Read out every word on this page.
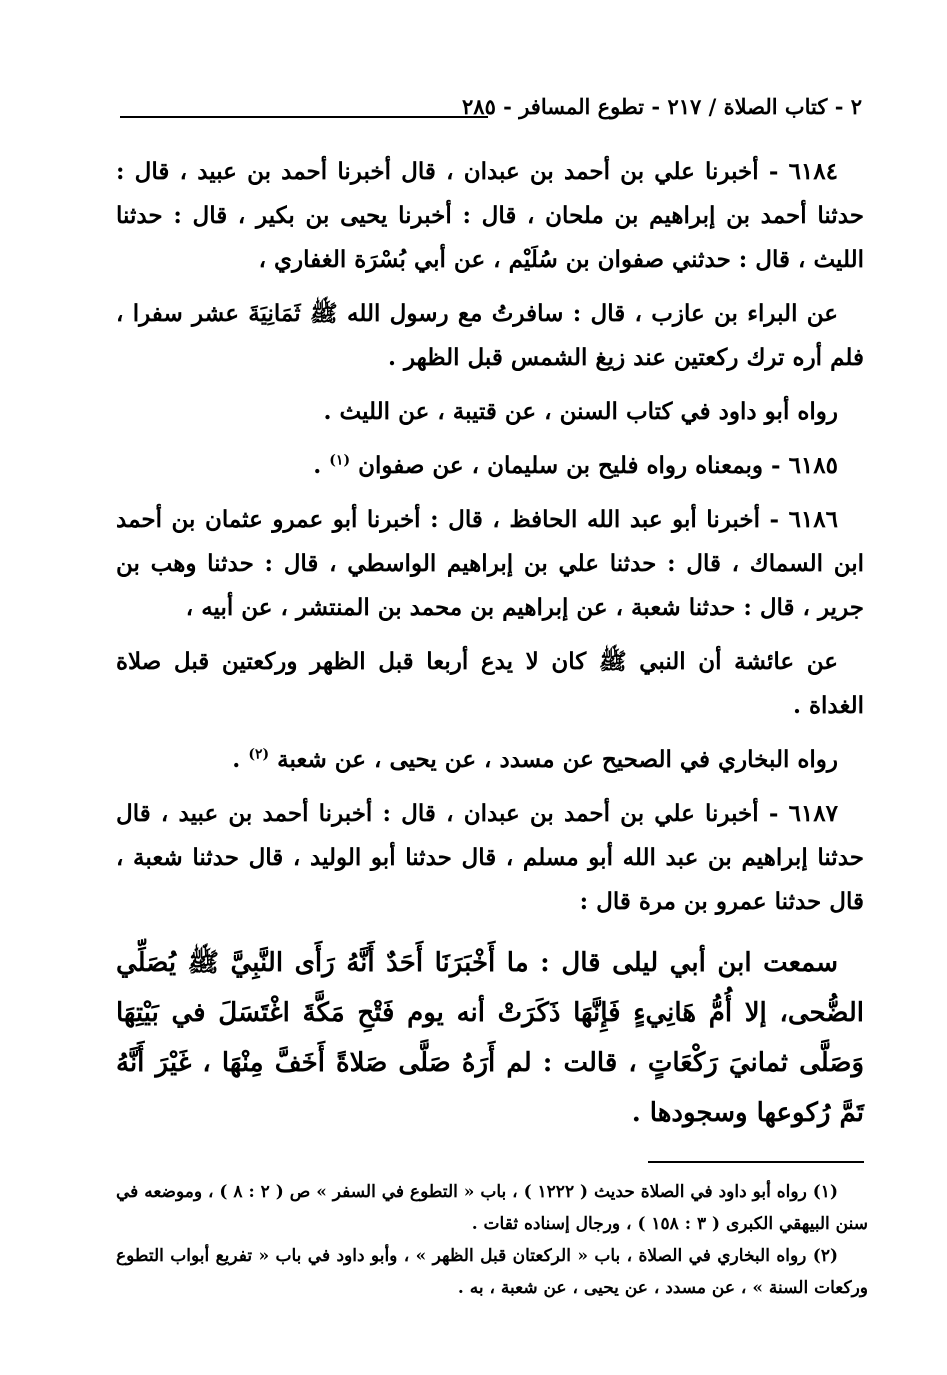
٢ - كتاب الصلاة / ٢١٧ - تطوع المسافر - ٢٨٥

٦١٨٤ - أخبرنا علي بن أحمد بن عبدان ، قال أخبرنا أحمد بن عبيد ، قال : حدثنا أحمد بن إبراهيم بن ملحان ، قال : أخبرنا يحيى بن بكير ، قال : حدثنا الليث ، قال : حدثني صفوان بن سُلَيْم ، عن أبي بُسْرَة الغفاري ،

عن البراء بن عازب ، قال : سافرتُ مع رسول الله ﷺ ثَمَانِيَةَ عشر سفرا ، فلم أره ترك ركعتين عند زيغ الشمس قبل الظهر .

رواه أبو داود في كتاب السنن ، عن قتيبة ، عن الليث .

٦١٨٥ - وبمعناه رواه فليح بن سليمان ، عن صفوان $^{(١)}$ .

٦١٨٦ - أخبرنا أبو عبد الله الحافظ ، قال : أخبرنا أبو عمرو عثمان بن أحمد ابن السماك ، قال : حدثنا علي بن إبراهيم الواسطي ، قال : حدثنا وهب بن جرير ، قال : حدثنا شعبة ، عن إبراهيم بن محمد بن المنتشر ، عن أبيه ،

عن عائشة أن النبي ﷺ كان لا يدع أربعا قبل الظهر وركعتين قبل صلاة الغداة .

رواه البخاري في الصحيح عن مسدد ، عن يحيى ، عن شعبة $^{(٢)}$ .

٦١٨٧ - أخبرنا علي بن أحمد بن عبدان ، قال : أخبرنا أحمد بن عبيد ، قال حدثنا إبراهيم بن عبد الله أبو مسلم ، قال حدثنا أبو الوليد ، قال حدثنا شعبة ، قال حدثنا عمرو بن مرة قال :

سمعت ابن أبي ليلى قال : ما أَخْبَرَنَا أَحَدٌ أَنَّهُ رَأَى النَّبِيَّ ﷺ يُصَلِّي الضُّحى، إلا أُمُّ هَانِيءٍ فَإِنَّهَا ذَكَرَتْ أنه يوم فَتْحِ مَكَّةَ اغْتَسَلَ في بَيْتِهَا وَصَلَّى ثمانيَ رَكْعَاتٍ ، قالت : لم أَرَهُ صَلَّى صَلاةً أَخَفَّ مِنْهَا ، غَيْرَ أَنَّهُ تَمَّ رُكوعها وسجودها .

(١) رواه أبو داود في الصلاة حديث ( ١٢٢٢ ) ، باب « التطوع في السفر » ص ( ٢ : ٨ ) ، وموضعه في سنن البيهقي الكبرى ( ٣ : ١٥٨ ) ، ورجال إسناده ثقات .

(٢) رواه البخاري في الصلاة ، باب « الركعتان قبل الظهر » ، وأبو داود في باب « تفريع أبواب التطوع وركعات السنة » ، عن مسدد ، عن يحيى ، عن شعبة ، به .
